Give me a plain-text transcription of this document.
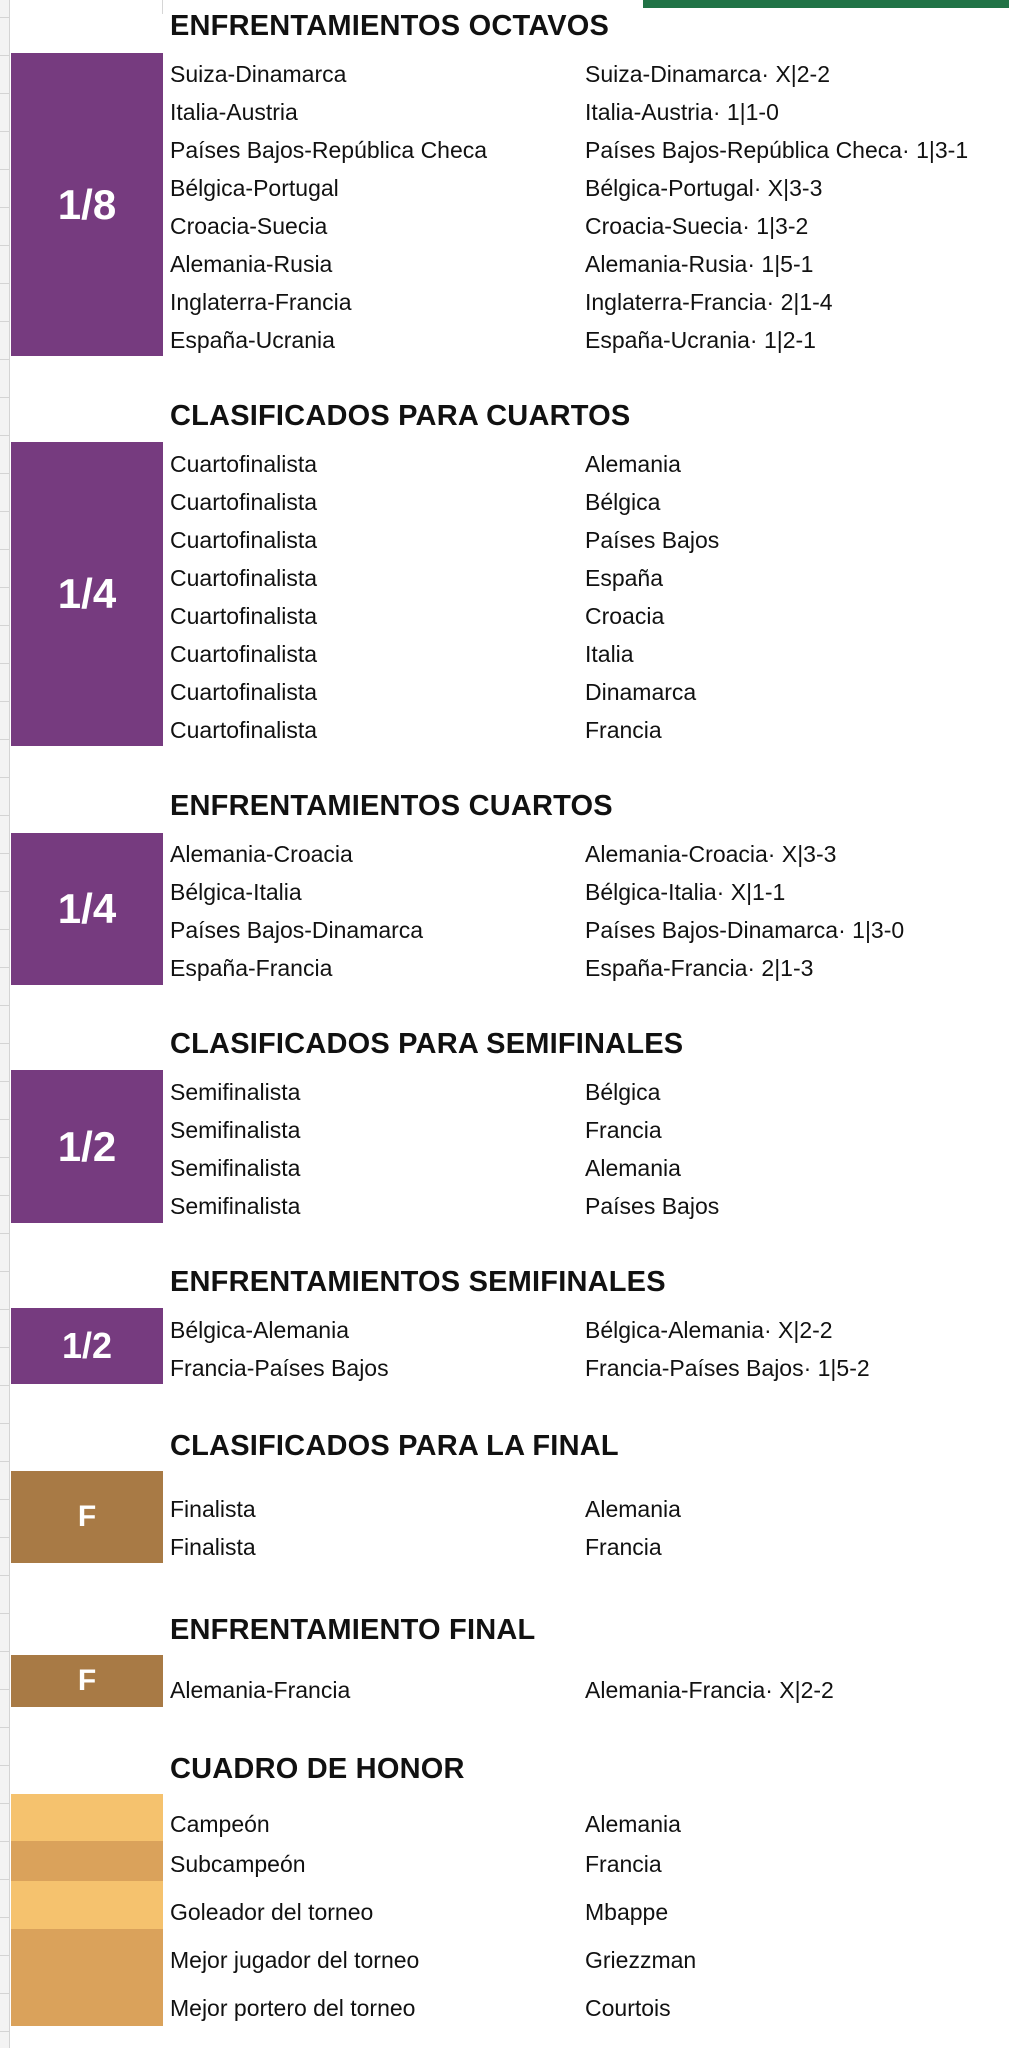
ENFRENTAMIENTOS OCTAVOS
1/8
Suiza-Dinamarca	Suiza-Dinamarca· X|2-2
Italia-Austria	Italia-Austria· 1|1-0
Países Bajos-República Checa	Países Bajos-República Checa· 1|3-1
Bélgica-Portugal	Bélgica-Portugal· X|3-3
Croacia-Suecia	Croacia-Suecia· 1|3-2
Alemania-Rusia	Alemania-Rusia· 1|5-1
Inglaterra-Francia	Inglaterra-Francia· 2|1-4
España-Ucrania	España-Ucrania· 1|2-1
CLASIFICADOS PARA CUARTOS
1/4
Cuartofinalista	Alemania
Cuartofinalista	Bélgica
Cuartofinalista	Países Bajos
Cuartofinalista	España
Cuartofinalista	Croacia
Cuartofinalista	Italia
Cuartofinalista	Dinamarca
Cuartofinalista	Francia
ENFRENTAMIENTOS CUARTOS
1/4
Alemania-Croacia	Alemania-Croacia· X|3-3
Bélgica-Italia	Bélgica-Italia· X|1-1
Países Bajos-Dinamarca	Países Bajos-Dinamarca· 1|3-0
España-Francia	España-Francia· 2|1-3
CLASIFICADOS PARA SEMIFINALES
1/2
Semifinalista	Bélgica
Semifinalista	Francia
Semifinalista	Alemania
Semifinalista	Países Bajos
ENFRENTAMIENTOS SEMIFINALES
1/2	Bélgica-Alemania	Bélgica-Alemania· X|2-2
Francia-Países Bajos	Francia-Países Bajos· 1|5-2
CLASIFICADOS PARA LA FINAL
F	Finalista	Alemania
Finalista	Francia
ENFRENTAMIENTO FINAL
F	Alemania-Francia	Alemania-Francia· X|2-2
CUADRO DE HONOR
Campeón	Alemania
Subcampeón	Francia
Goleador del torneo	Mbappe
Mejor jugador del torneo	Griezzman
Mejor portero del torneo	Courtois
